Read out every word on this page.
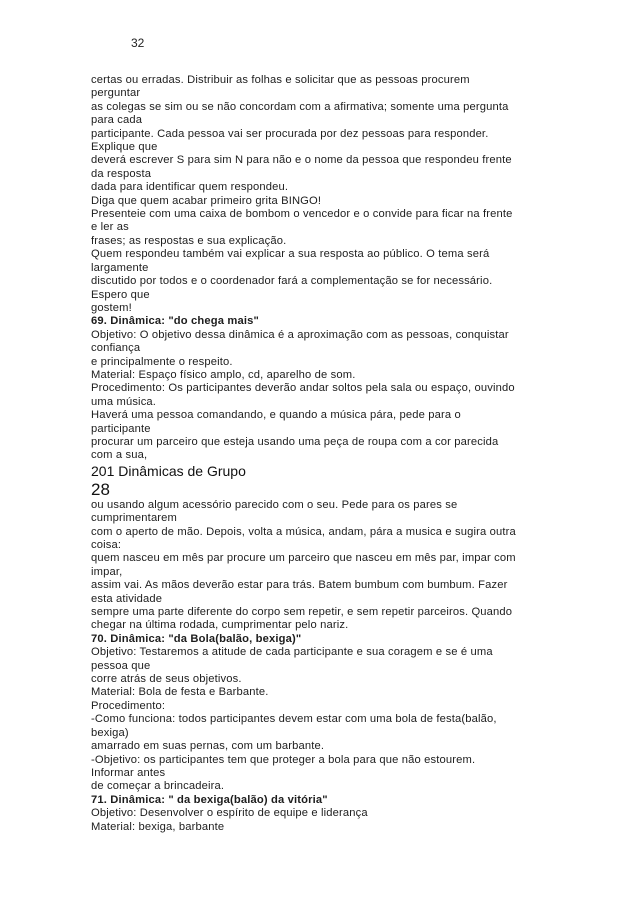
32
certas ou erradas. Distribuir as folhas e solicitar que as pessoas procurem
perguntar
as colegas se sim ou se não concordam com a afirmativa; somente uma pergunta
para cada
participante. Cada pessoa vai ser procurada por dez pessoas para responder.
Explique que
deverá escrever S para sim N para não e o nome da pessoa que respondeu frente
da resposta
dada para identificar quem respondeu.
Diga que quem acabar primeiro grita BINGO!
Presenteie com uma caixa de bombom o vencedor e o convide para ficar na frente
e ler as
frases; as respostas e sua explicação.
Quem respondeu também vai explicar a sua resposta ao público. O tema será
largamente
discutido por todos e o coordenador fará a complementação se for necessário.
Espero que
gostem!
69. Dinâmica: "do chega mais"
Objetivo: O objetivo dessa dinâmica é a aproximação com as pessoas, conquistar
confiança
e principalmente o respeito.
Material: Espaço físico amplo, cd, aparelho de som.
Procedimento: Os participantes deverão andar soltos pela sala ou espaço, ouvindo
uma música.
Haverá uma pessoa comandando, e quando a música pára, pede para o
participante
procurar um parceiro que esteja usando uma peça de roupa com a cor parecida
com a sua,
201 Dinâmicas de Grupo
28
ou usando algum acessório parecido com o seu. Pede para os pares se
cumprimentarem
com o aperto de mão. Depois, volta a música, andam, pára a musica e sugira outra
coisa:
quem nasceu em mês par procure um parceiro que nasceu em mês par, impar com
impar,
assim vai. As mãos deverão estar para trás. Batem bumbum com bumbum. Fazer
esta atividade
sempre uma parte diferente do corpo sem repetir, e sem repetir parceiros. Quando
chegar na última rodada, cumprimentar pelo nariz.
70. Dinâmica: "da Bola(balão, bexiga)"
Objetivo: Testaremos a atitude de cada participante e sua coragem e se é uma
pessoa que
corre atrás de seus objetivos.
Material: Bola de festa e Barbante.
Procedimento:
-Como funciona: todos participantes devem estar com uma bola de festa(balão,
bexiga)
amarrado em suas pernas, com um barbante.
-Objetivo: os participantes tem que proteger a bola para que não estourem.
Informar antes
de começar a brincadeira.
71. Dinâmica: " da bexiga(balão) da vitória"
Objetivo: Desenvolver o espírito de equipe e liderança
Material: bexiga, barbante
